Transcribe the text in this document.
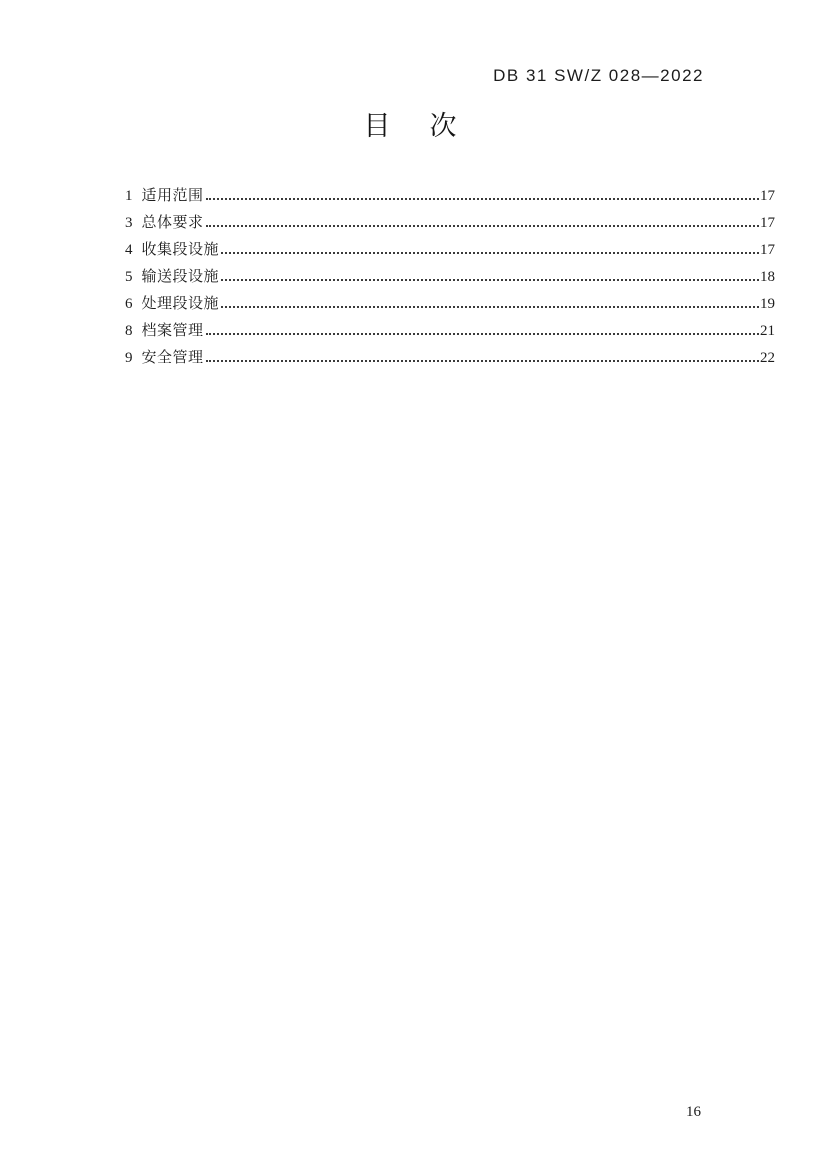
DB 31 SW/Z 028—2022
目　次
1 适用范围	17
3 总体要求	17
4 收集段设施	17
5 输送段设施	18
6 处理段设施	19
8 档案管理	21
9 安全管理	22
16
